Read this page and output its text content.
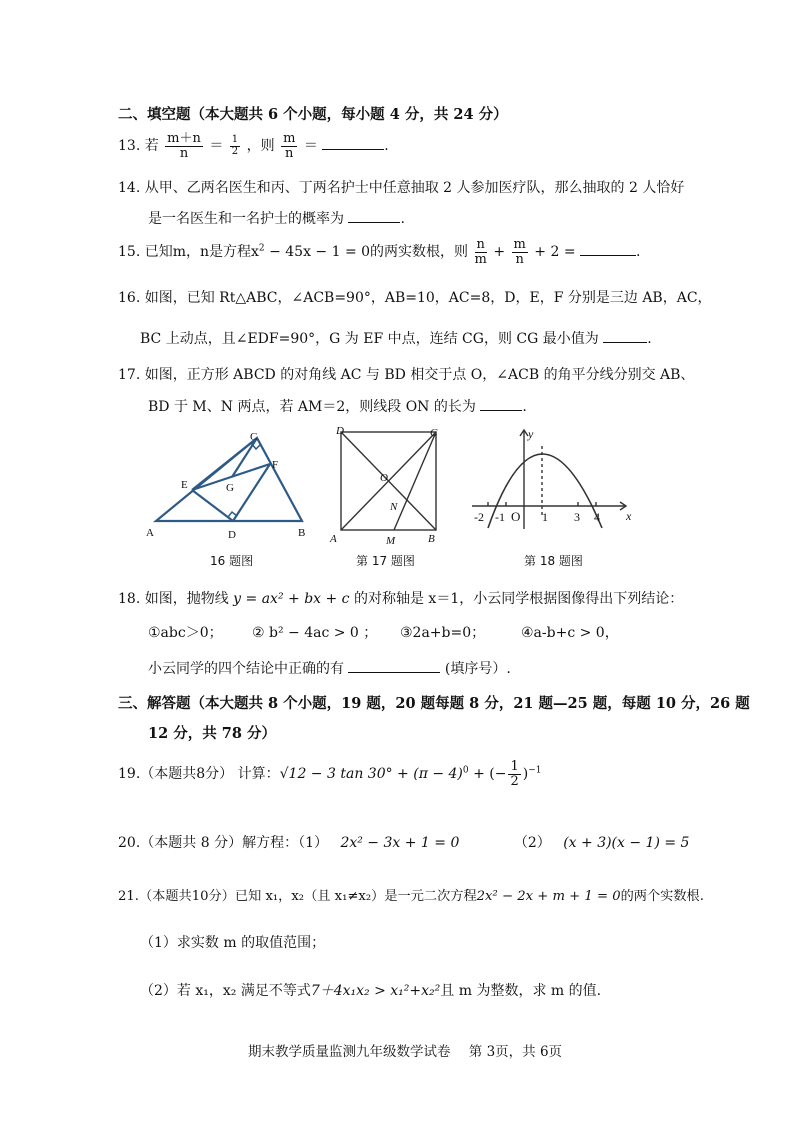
二、填空题（本大题共 6 个小题，每小题 4 分，共 24 分）
13. 若 $\frac{m+n}{n} = \frac{1}{2}$ ，则 $\frac{m}{n}$ ＝	.
14. 从甲、乙两名医生和丙、丁两名护士中任意抽取 2 人参加医疗队，那么抽取的 2 人恰好
是一名医生和一名护士的概率为	.
15. 已知m，n是方程$x^2 - 45x - 1 = 0$的两实数根，则 $\frac{n}{m} + \frac{m}{n} + 2$ =	.
16. 如图，已知 Rt△ABC，∠ACB=90°，AB=10，AC=8，D，E，F 分别是三边 AB，AC，
BC 上动点，且∠EDF=90°，G 为 EF 中点，连结 CG，则 CG 最小值为	.
17. 如图，正方形 ABCD 的对角线 AC 与 BD 相交于点 O，∠ACB 的角平分线分别交 AB、
BD 于 M、N 两点，若 AM＝2，则线段 ON 的长为	.
C
F
E	G
A	D	B
16 题图
D	C
O
N
A	M	B
第 17 题图
y
x
-2 -1 O 1 3 4
第 18 题图
18. 如图，抛物线 y = ax² + bx + c 的对称轴是 x＝1，小云同学根据图像得出下列结论：
①abc＞0； ② b² − 4ac > 0 ； ③2a+b=0；	④a-b+c > 0，
小云同学的四个结论中正确的有	(填序号）.
三、解答题（本大题共 8 个小题，19 题，20 题每题 8 分，21 题—25 题，每题 10 分，26 题
12 分，共 78 分）
19.（本题共8分） 计算：√12 − 3 $\tan 30^\circ + (\pi - 4)^0$ + (− $\frac{1}{2} )^{-1}$
20.（本题共 8 分）解方程：（1） 2x² − 3x + 1 = 0	（2） (x + 3)(x − 1) = 5
21.（本题共10分）已知 x₁，x₂（且 x₁≠x₂）是一元二次方程2x² − 2x + m + 1 = 0的两个实数根.
（1）求实数 m 的取值范围；
（2）若 x₁，x₂ 满足不等式7＋4x₁x₂ > x₁²+x₂²且 m 为整数，求 m 的值.
期末教学质量监测九年级数学试卷 第 3页，共 6页
